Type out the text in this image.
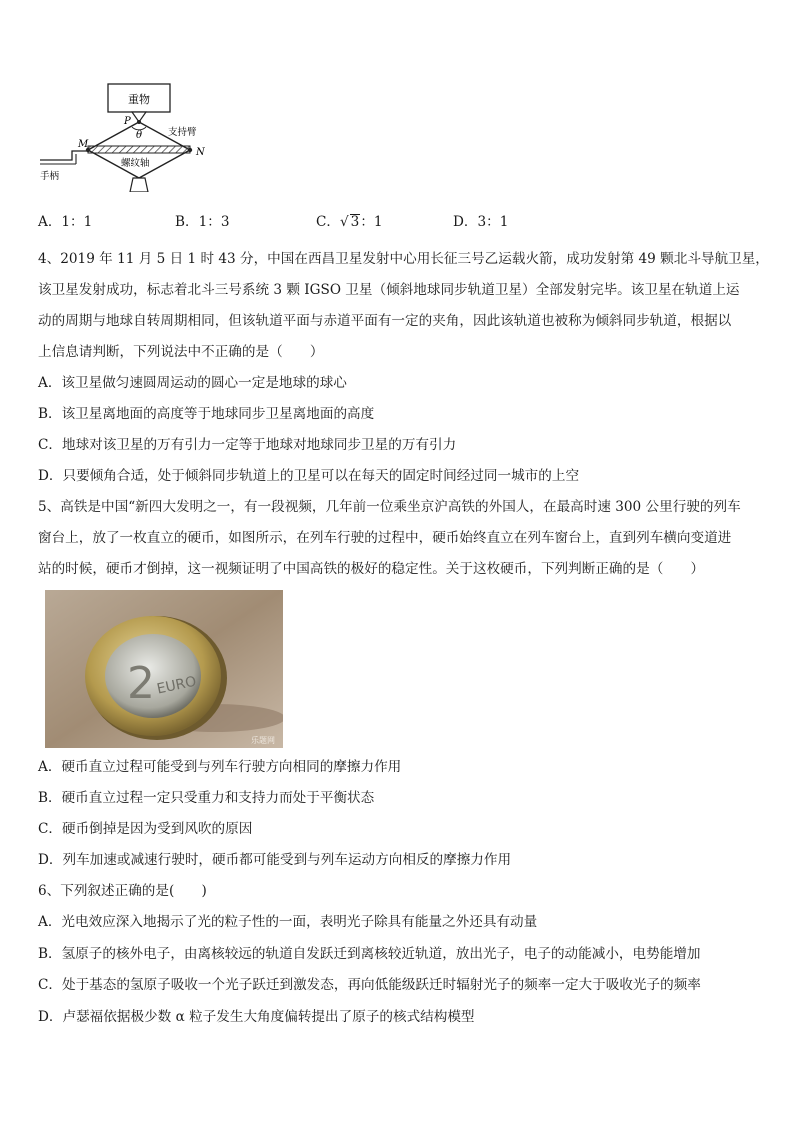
重物
P
θ	支持臂
M
N
螺纹轴
手柄
A．1：1	B．1：3	C．√ 3：1	D．3：1
4、2019 年 11 月 5 日 1 时 43 分，中国在西昌卫星发射中心用长征三号乙运载火箭，成功发射第 49 颗北斗导航卫星，
该卫星发射成功，标志着北斗三号系统 3 颗 IGSO 卫星（倾斜地球同步轨道卫星）全部发射完毕。该卫星在轨道上运
动的周期与地球自转周期相同，但该轨道平面与赤道平面有一定的夹角，因此该轨道也被称为倾斜同步轨道，根据以
上信息请判断，下列说法中不正确的是（　　）
A．该卫星做匀速圆周运动的圆心一定是地球的球心
B．该卫星离地面的高度等于地球同步卫星离地面的高度
C．地球对该卫星的万有引力一定等于地球对地球同步卫星的万有引力
D．只要倾角合适，处于倾斜同步轨道上的卫星可以在每天的固定时间经过同一城市的上空
5、高铁是中国“新四大发明之一，有一段视频，几年前一位乘坐京沪高铁的外国人，在最高时速 300 公里行驶的列车
窗台上，放了一枚直立的硬币，如图所示，在列车行驶的过程中，硬币始终直立在列车窗台上，直到列车横向变道进
站的时候，硬币才倒掉，这一视频证明了中国高铁的极好的稳定性。关于这枚硬币，下列判断正确的是（　　）
2 EURO
乐题网
A．硬币直立过程可能受到与列车行驶方向相同的摩擦力作用
B．硬币直立过程一定只受重力和支持力而处于平衡状态
C．硬币倒掉是因为受到风吹的原因
D．列车加速或减速行驶时，硬币都可能受到与列车运动方向相反的摩擦力作用
6、下列叙述正确的是(　　)
A．光电效应深入地揭示了光的粒子性的一面，表明光子除具有能量之外还具有动量
B．氢原子的核外电子，由离核较远的轨道自发跃迁到离核较近轨道，放出光子，电子的动能减小，电势能增加
C．处于基态的氢原子吸收一个光子跃迁到激发态，再向低能级跃迁时辐射光子的频率一定大于吸收光子的频率
D．卢瑟福依据极少数 α 粒子发生大角度偏转提出了原子的核式结构模型
